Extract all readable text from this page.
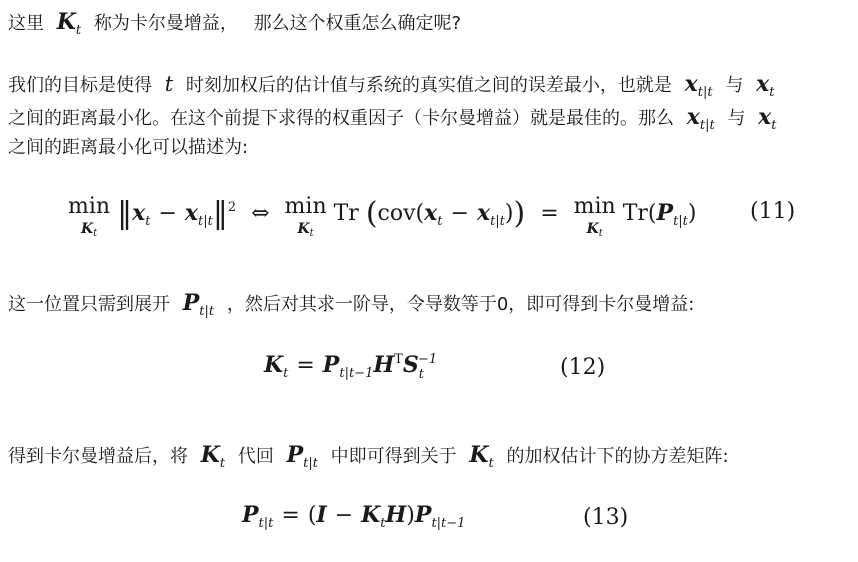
这里 $K_t$ 称为卡尔曼增益， 那么这个权重怎么确定呢?
我们的目标是使得 t 时刻加权后的估计值与系统的真实值之间的误差最小，也就是 $x_{t|t}$ 与 $x_t$
之间的距离最小化。在这个前提下求得的权重因子（卡尔曼增益）就是最佳的。那么 $x_{t|t}$ 与 $x_t$
之间的距离最小化可以描述为:
min
$K_t$
$‖x_t$ − $x_{t|t}‖^2$ ⇔ min
$K_t$
Tr $(cov(x_t - x_{t|t})) = \min$
$K_t$
$Tr(P_{t|t})$ (11)
这一位置只需到展开 $P_{t|t}$ ，然后对其求一阶导，令导数等于0，即可得到卡尔曼增益:
$K_t = P_{t|t-1}H^TS_t^{-1}$	(12)
得到卡尔曼增益后，将 $K_t$ 代回 $P_{t|t}$ 中即可得到关于 $K_t$ 的加权估计下的协方差矩阵:
$P_{t|t} = (I - K_tH)P_{t|t-1}$	(13)
